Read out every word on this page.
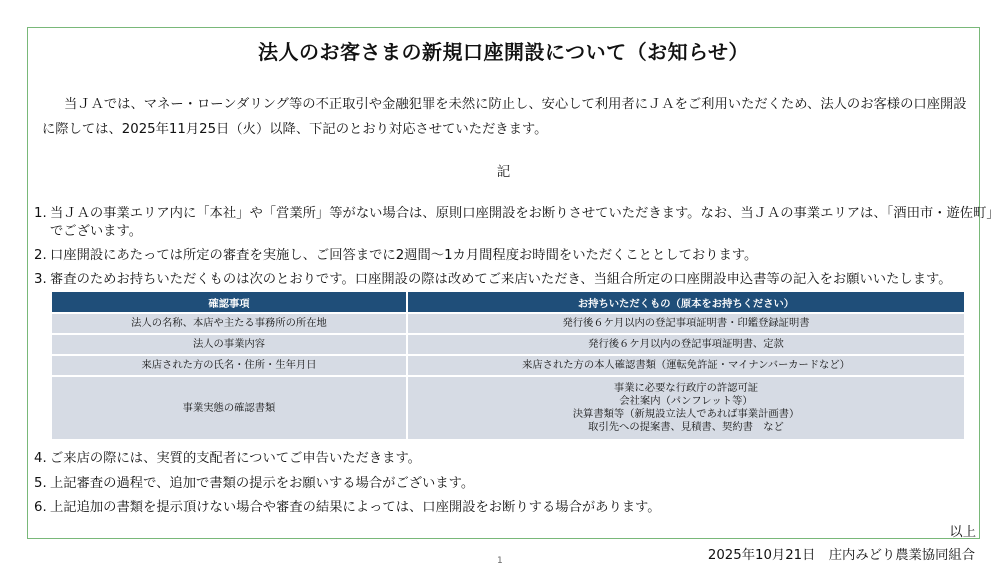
法人のお客さまの新規口座開設について（お知らせ）
当ＪＡでは、マネー・ローンダリング等の不正取引や金融犯罪を未然に防止し、安心して利用者にＪＡをご利用いただくため、法人のお客様の口座開設
に際しては、2025年11月25日（火）以降、下記のとおり対応させていただきます。
記
1. 当ＪＡの事業エリア内に「本社」や「営業所」等がない場合は、原則口座開設をお断りさせていただきます。なお、当ＪＡの事業エリアは、「酒田市・遊佐町」
でございます。
2. 口座開設にあたっては所定の審査を実施し、ご回答までに2週間～1カ月間程度お時間をいただくこととしております。
3. 審査のためお持ちいただくものは次のとおりです。口座開設の際は改めてご来店いただき、当組合所定の口座開設申込書等の記入をお願いいたします。
4. ご来店の際には、実質的支配者についてご申告いただきます。
5. 上記審査の過程で、追加で書類の提示をお願いする場合がございます。
6. 上記追加の書類を提示頂けない場合や審査の結果によっては、口座開設をお断りする場合があります。
確認事項	お持ちいただくもの（原本をお持ちください）
法人の名称、本店や主たる事務所の所在地	発行後６ケ月以内の登記事項証明書・印鑑登録証明書
法人の事業内容	発行後６ケ月以内の登記事項証明書、定款
来店された方の氏名・住所・生年月日	来店された方の本人確認書類（運転免許証・マイナンバーカードなど）
事業実態の確認書類	事業に必要な行政庁の許認可証
会社案内（パンフレット等）
決算書類等（新規設立法人であれば事業計画書）
取引先への提案書、見積書、契約書　など
以上
2025年10月21日　庄内みどり農業協同組合
1
